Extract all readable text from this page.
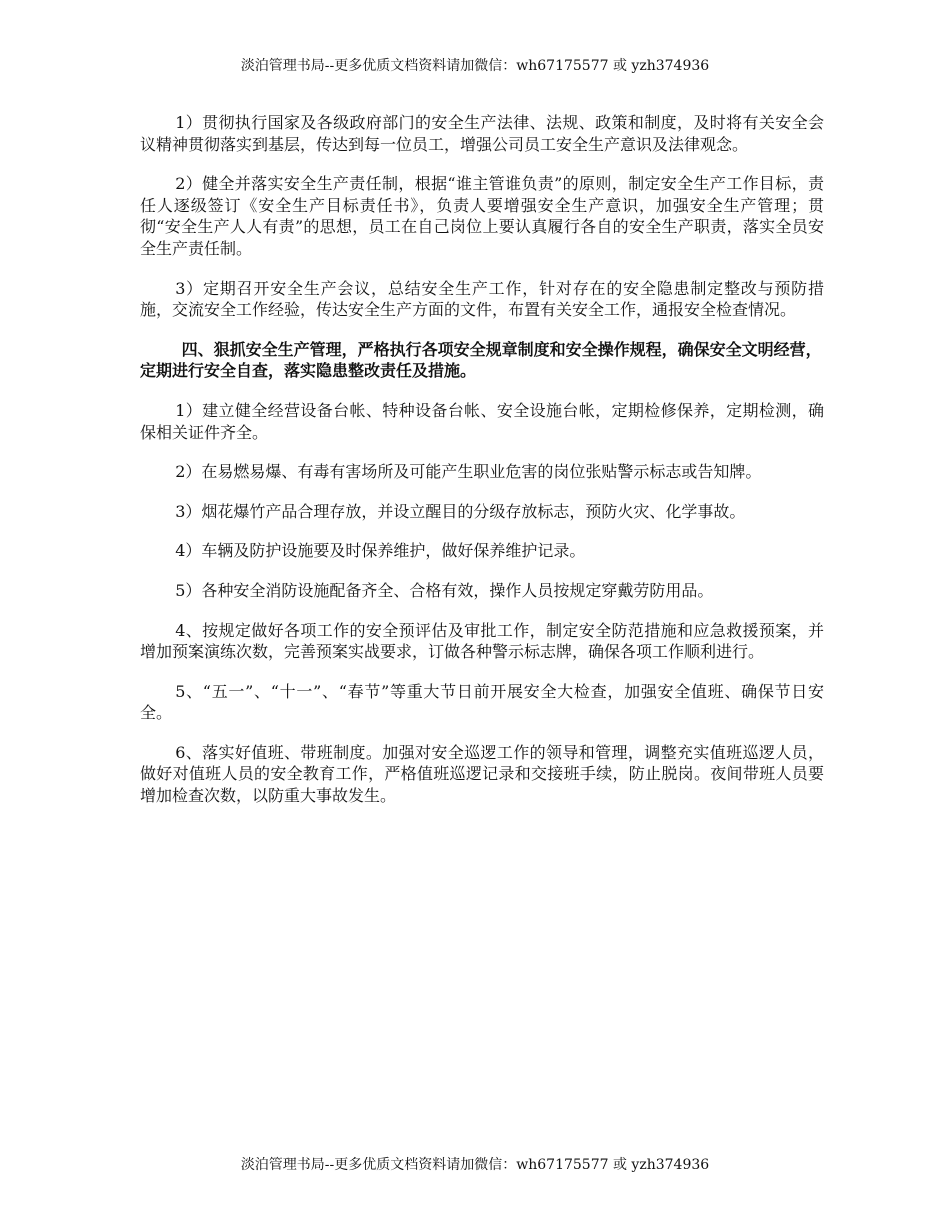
淡泊管理书局--更多优质文档资料请加微信：wh67175577 或 yzh374936

1）贯彻执行国家及各级政府部门的安全生产法律、法规、政策和制度，及时将有关安全会议精神贯彻落实到基层，传达到每一位员工，增强公司员工安全生产意识及法律观念。

2）健全并落实安全生产责任制，根据“谁主管谁负责”的原则，制定安全生产工作目标，责任人逐级签订《安全生产目标责任书》，负责人要增强安全生产意识，加强安全生产管理；贯彻“安全生产人人有责”的思想，员工在自己岗位上要认真履行各自的安全生产职责，落实全员安全生产责任制。

3）定期召开安全生产会议，总结安全生产工作，针对存在的安全隐患制定整改与预防措施，交流安全工作经验，传达安全生产方面的文件，布置有关安全工作，通报安全检查情况。

四、狠抓安全生产管理，严格执行各项安全规章制度和安全操作规程，确保安全文明经营，定期进行安全自查，落实隐患整改责任及措施。

1）建立健全经营设备台帐、特种设备台帐、安全设施台帐，定期检修保养，定期检测，确保相关证件齐全。

2）在易燃易爆、有毒有害场所及可能产生职业危害的岗位张贴警示标志或告知牌。

3）烟花爆竹产品合理存放，并设立醒目的分级存放标志，预防火灾、化学事故。

4）车辆及防护设施要及时保养维护，做好保养维护记录。

5）各种安全消防设施配备齐全、合格有效，操作人员按规定穿戴劳防用品。

4、按规定做好各项工作的安全预评估及审批工作，制定安全防范措施和应急救援预案，并增加预案演练次数，完善预案实战要求，订做各种警示标志牌，确保各项工作顺利进行。

5、“五一”、“十一”、“春节”等重大节日前开展安全大检查，加强安全值班、确保节日安全。

6、落实好值班、带班制度。加强对安全巡逻工作的领导和管理，调整充实值班巡逻人员，做好对值班人员的安全教育工作，严格值班巡逻记录和交接班手续，防止脱岗。夜间带班人员要增加检查次数，以防重大事故发生。

淡泊管理书局--更多优质文档资料请加微信：wh67175577 或 yzh374936
